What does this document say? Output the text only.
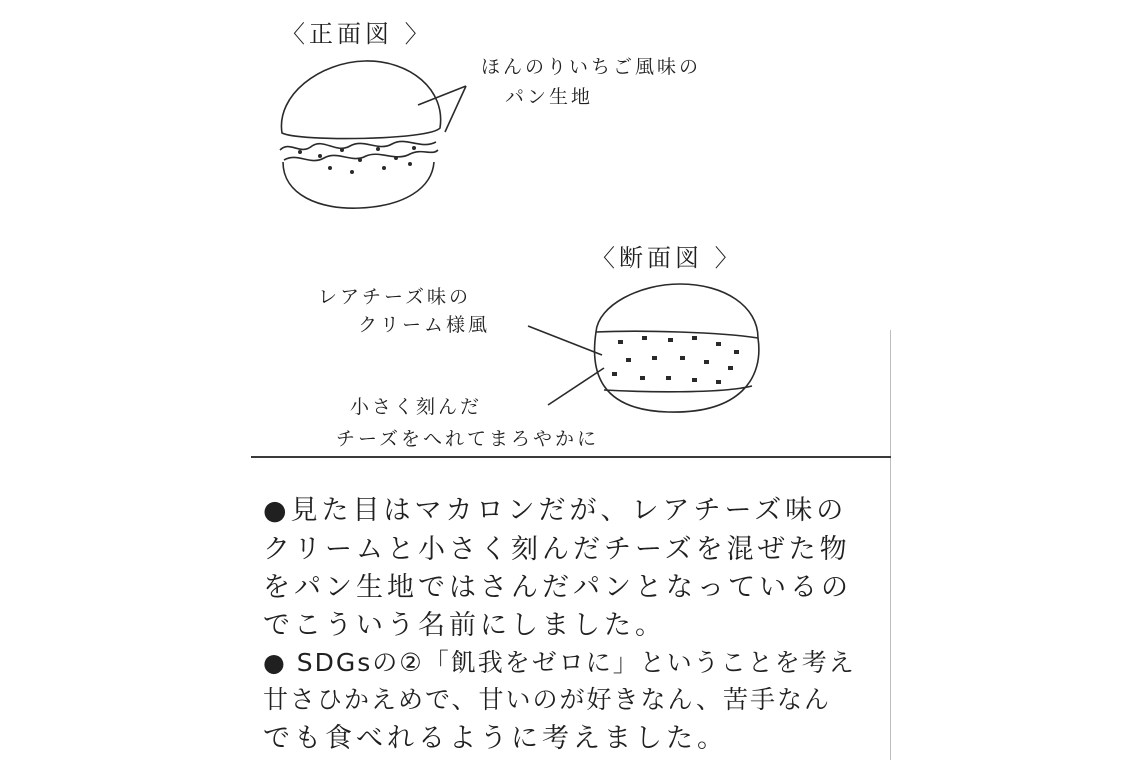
〈正面図 〉
ほんのりいちご風味の
パン生地
〈断面図 〉
レアチーズ味の
クリーム様風
小さく刻んだ
チーズをへれてまろやかに
●見た目はマカロンだが、レアチーズ味の
クリームと小さく刻んだチーズを混ぜた物
をパン生地ではさんだパンとなっているの
でこういう名前にしました。
● SDGsの②「飢我をゼロに」ということを考え
廿さひかえめで、甘いのが好きなん、苦手なん
でも食べれるように考えました。
